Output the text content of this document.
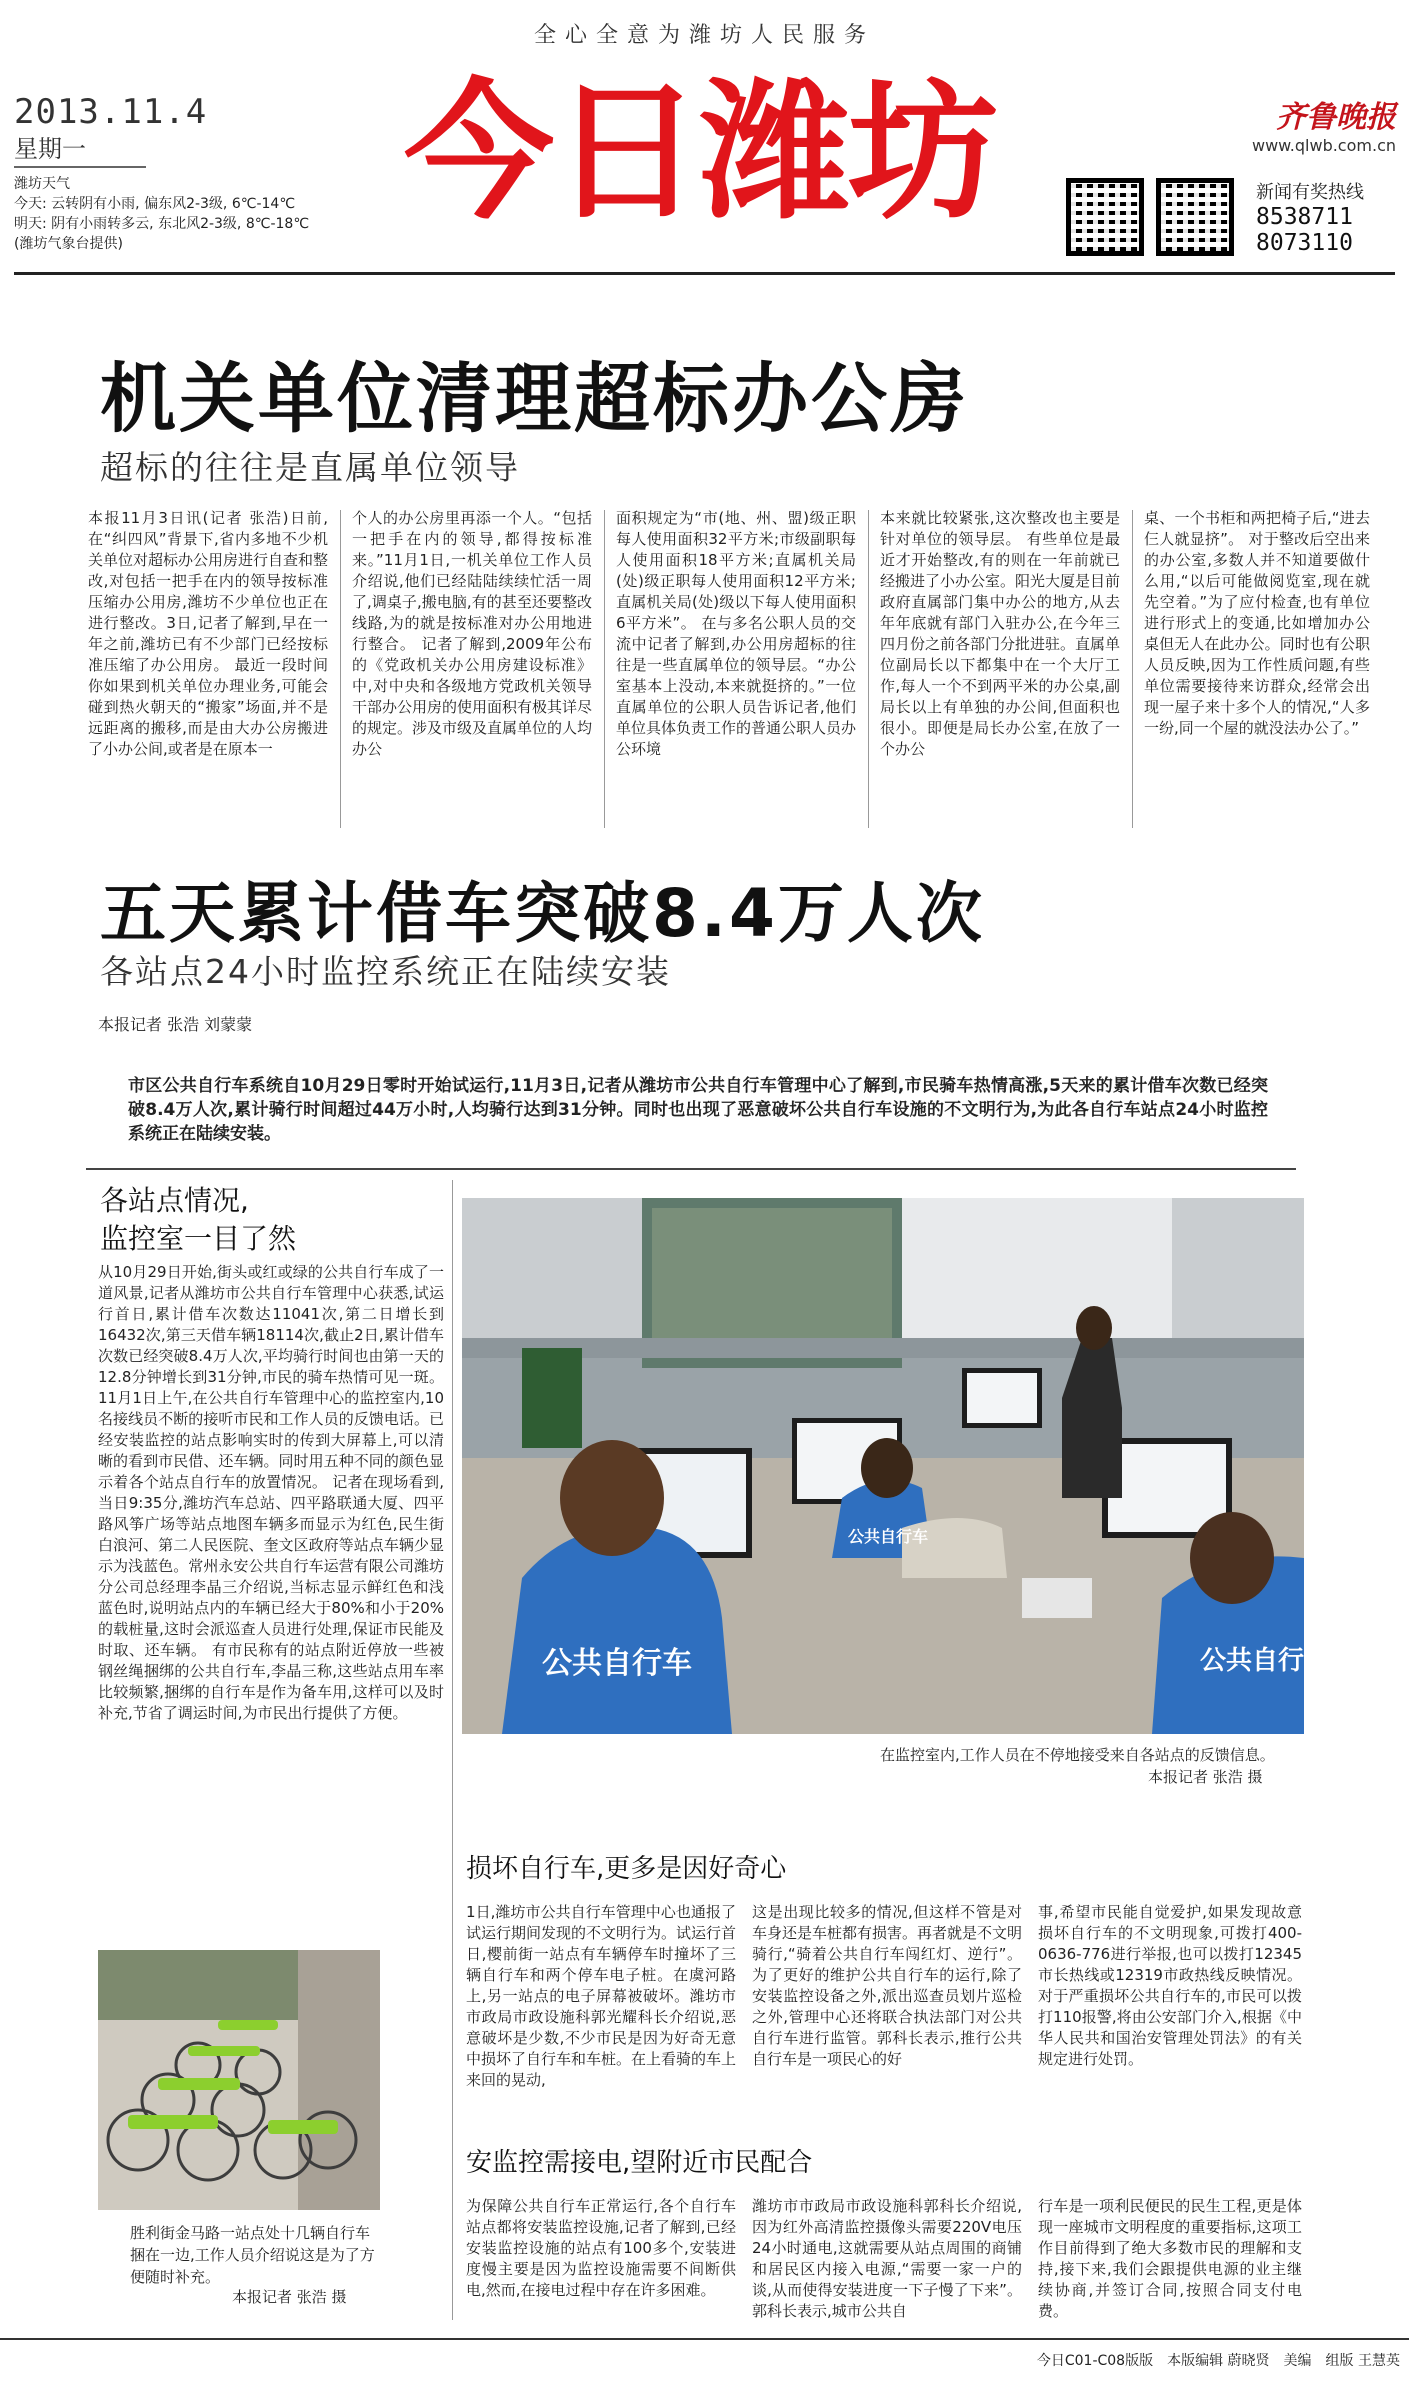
全心全意为潍坊人民服务
2013.11.4
星期一
潍坊天气
今天: 云转阴有小雨, 偏东风2-3级, 6℃-14℃
明天: 阴有小雨转多云, 东北风2-3级, 8℃-18℃
(潍坊气象台提供)
今日潍坊	齐鲁晚报
www.qlwb.com.cn
新闻有奖热线
8538711
8073110
机关单位清理超标办公房
超标的往往是直属单位领导
本报11月3日讯(记者 张浩)日前,在“纠四风”背景下,省内多地不少机关单位对超标办公用房进行自查和整改,对包括一把手在内的领导按标准压缩办公用房,潍坊不少单位也正在进行整改。3日,记者了解到,早在一年之前,潍坊已有不少部门已经按标准压缩了办公用房。 最近一段时间你如果到机关单位办理业务,可能会碰到热火朝天的“搬家”场面,并不是远距离的搬移,而是由大办公房搬进了小办公间,或者是在原本一
个人的办公房里再添一个人。“包括一把手在内的领导,都得按标准来。”11月1日,一机关单位工作人员介绍说,他们已经陆陆续续忙活一周了,调桌子,搬电脑,有的甚至还要整改线路,为的就是按标准对办公用地进行整合。 记者了解到,2009年公布的《党政机关办公用房建设标准》中,对中央和各级地方党政机关领导干部办公用房的使用面积有极其详尽的规定。涉及市级及直属单位的人均办公
面积规定为“市(地、州、盟)级正职每人使用面积32平方米;市级副职每人使用面积18平方米;直属机关局(处)级正职每人使用面积12平方米;直属机关局(处)级以下每人使用面积6平方米”。 在与多名公职人员的交流中记者了解到,办公用房超标的往往是一些直属单位的领导层。“办公室基本上没动,本来就挺挤的。”一位直属单位的公职人员告诉记者,他们单位具体负责工作的普通公职人员办公环境
本来就比较紧张,这次整改也主要是针对单位的领导层。 有些单位是最近才开始整改,有的则在一年前就已经搬进了小办公室。阳光大厦是目前政府直属部门集中办公的地方,从去年年底就有部门入驻办公,在今年三四月份之前各部门分批进驻。直属单位副局长以下都集中在一个大厅工作,每人一个不到两平米的办公桌,副局长以上有单独的办公间,但面积也很小。即便是局长办公室,在放了一个办公
桌、一个书柜和两把椅子后,“进去仨人就显挤”。 对于整改后空出来的办公室,多数人并不知道要做什么用,“以后可能做阅览室,现在就先空着。”为了应付检查,也有单位进行形式上的变通,比如增加办公桌但无人在此办公。同时也有公职人员反映,因为工作性质问题,有些单位需要接待来访群众,经常会出现一屋子来十多个人的情况,“人多一纷,同一个屋的就没法办公了。”
五天累计借车突破8.4万人次
各站点24小时监控系统正在陆续安装
本报记者 张浩 刘蒙蒙
市区公共自行车系统自10月29日零时开始试运行,11月3日,记者从潍坊市公共自行车管理中心了解到,市民骑车热情高涨,5天来的累计借车次数已经突破8.4万人次,累计骑行时间超过44万小时,人均骑行达到31分钟。同时也出现了恶意破坏公共自行车设施的不文明行为,为此各自行车站点24小时监控系统正在陆续安装。
各站点情况,
监控室一目了然
从10月29日开始,街头或红或绿的公共自行车成了一道风景,记者从潍坊市公共自行车管理中心获悉,试运行首日,累计借车次数达11041次,第二日增长到16432次,第三天借车辆18114次,截止2日,累计借车次数已经突破8.4万人次,平均骑行时间也由第一天的12.8分钟增长到31分钟,市民的骑车热情可见一斑。 11月1日上午,在公共自行车管理中心的监控室内,10名接线员不断的接听市民和工作人员的反馈电话。已经安装监控的站点影响实时的传到大屏幕上,可以清晰的看到市民借、还车辆。同时用五种不同的颜色显示着各个站点自行车的放置情况。 记者在现场看到,当日9:35分,潍坊汽车总站、四平路联通大厦、四平路风筝广场等站点地图车辆多而显示为红色,民生街白浪河、第二人民医院、奎文区政府等站点车辆少显示为浅蓝色。常州永安公共自行车运营有限公司潍坊分公司总经理李晶三介绍说,当标志显示鲜红色和浅蓝色时,说明站点内的车辆已经大于80%和小于20%的载桩量,这时会派巡查人员进行处理,保证市民能及时取、还车辆。 有市民称有的站点附近停放一些被钢丝绳捆绑的公共自行车,李晶三称,这些站点用车率比较频繁,捆绑的自行车是作为备车用,这样可以及时补充,节省了调运时间,为市民出行提供了方便。
公共自行车
公共自行车
公共自行车
在监控室内,工作人员在不停地接受来自各站点的反馈信息。
本报记者 张浩 摄
胜利街金马路一站点处十几辆自行车捆在一边,工作人员介绍说这是为了方便随时补充。
本报记者 张浩 摄
损坏自行车,更多是因好奇心
1日,潍坊市公共自行车管理中心也通报了试运行期间发现的不文明行为。试运行首日,樱前街一站点有车辆停车时撞坏了三辆自行车和两个停车电子桩。在虞河路上,另一站点的电子屏幕被破坏。潍坊市市政局市政设施科郭光耀科长介绍说,恶意破坏是少数,不少市民是因为好奇无意中损坏了自行车和车桩。在上看骑的车上来回的晃动,
这是出现比较多的情况,但这样不管是对车身还是车桩都有损害。再者就是不文明骑行,“骑着公共自行车闯红灯、逆行”。 为了更好的维护公共自行车的运行,除了安装监控设备之外,派出巡查员划片巡检之外,管理中心还将联合执法部门对公共自行车进行监管。郭科长表示,推行公共自行车是一项民心的好
事,希望市民能自觉爱护,如果发现故意损坏自行车的不文明现象,可拨打400-0636-776进行举报,也可以拨打12345市长热线或12319市政热线反映情况。对于严重损坏公共自行车的,市民可以拨打110报警,将由公安部门介入,根据《中华人民共和国治安管理处罚法》的有关规定进行处罚。
安监控需接电,望附近市民配合
为保障公共自行车正常运行,各个自行车站点都将安装监控设施,记者了解到,已经安装监控设施的站点有100多个,安装进度慢主要是因为监控设施需要不间断供电,然而,在接电过程中存在许多困难。
潍坊市市政局市政设施科郭科长介绍说,因为红外高清监控摄像头需要220V电压24小时通电,这就需要从站点周围的商铺和居民区内接入电源,“需要一家一户的谈,从而使得安装进度一下子慢了下来”。郭科长表示,城市公共自
行车是一项利民便民的民生工程,更是体现一座城市文明程度的重要指标,这项工作目前得到了绝大多数市民的理解和支持,接下来,我们会跟提供电源的业主继续协商,并签订合同,按照合同支付电费。
今日C01-C08版版 本版编辑 蔚晓贤 美编 组版 王慧英
